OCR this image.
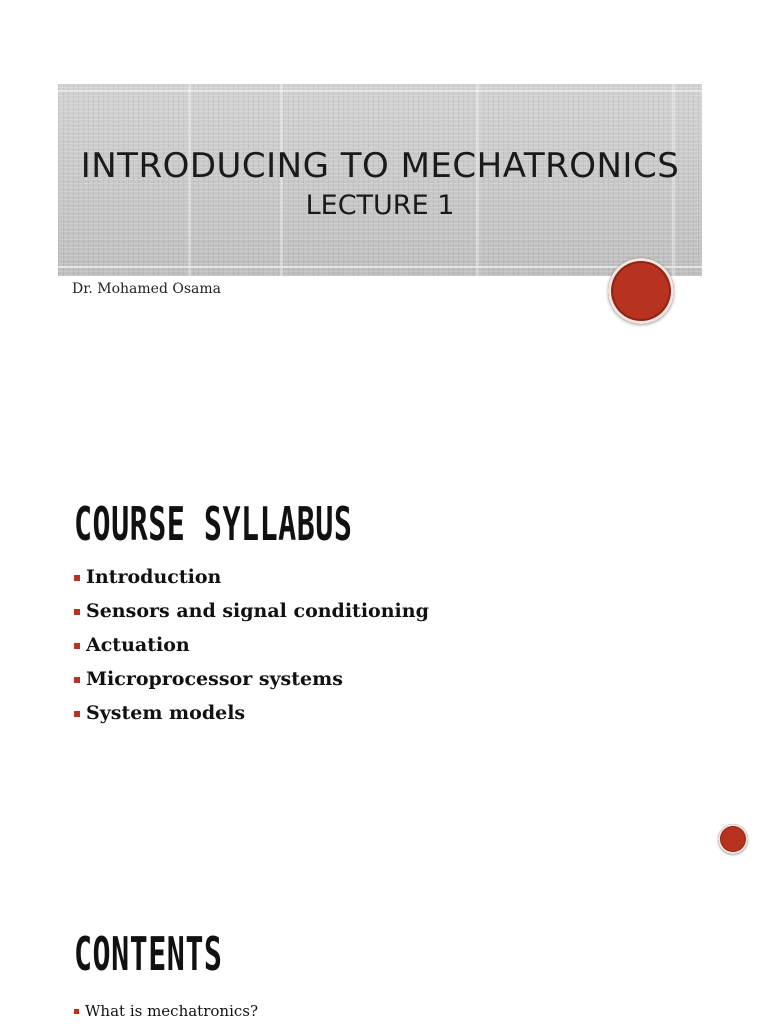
INTRODUCING TO MECHATRONICS
LECTURE 1
Dr. Mohamed Osama
COURSE SYLLABUS
Introduction
Sensors and signal conditioning
Actuation
Microprocessor systems
System models
CONTENTS
What is mechatronics?
